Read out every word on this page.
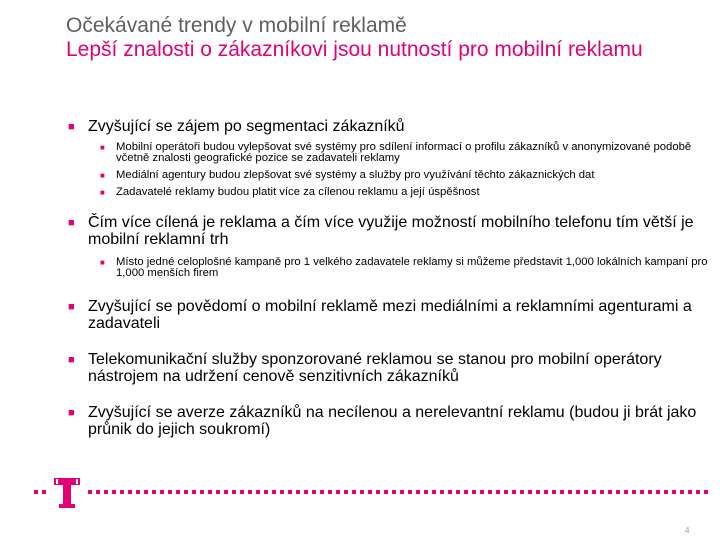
Očekávané trendy v mobilní reklamě
Lepší znalosti o zákazníkovi jsou nutností pro mobilní reklamu
■ Zvyšující se zájem po segmentaci zákazníků
■ Mobilní operátoři budou vylepšovat své systémy pro sdílení informací o profilu zákazníků v anonymizované podobě včetně znalosti geografické pozice se zadavateli reklamy
■ Mediální agentury budou zlepšovat své systémy a služby pro využívání těchto zákaznických dat
■ Zadavatelé reklamy budou platit více za cílenou reklamu a její úspěšnost
■ Čím více cílená je reklama a čím více využije možností mobilního telefonu tím větší je mobilní reklamní trh
■ Místo jedné celoplošné kampaně pro 1 velkého zadavatele reklamy si můžeme představit 1,000 lokálních kampaní pro 1,000 menších firem
■ Zvyšující se povědomí o mobilní reklamě mezi mediálními a reklamními agenturami a zadavateli
■ Telekomunikační služby sponzorované reklamou se stanou pro mobilní operátory nástrojem na udržení cenově senzitivních zákazníků
■ Zvyšující se averze zákazníků na necílenou a nerelevantní reklamu (budou ji brát jako průnik do jejich soukromí)
4
